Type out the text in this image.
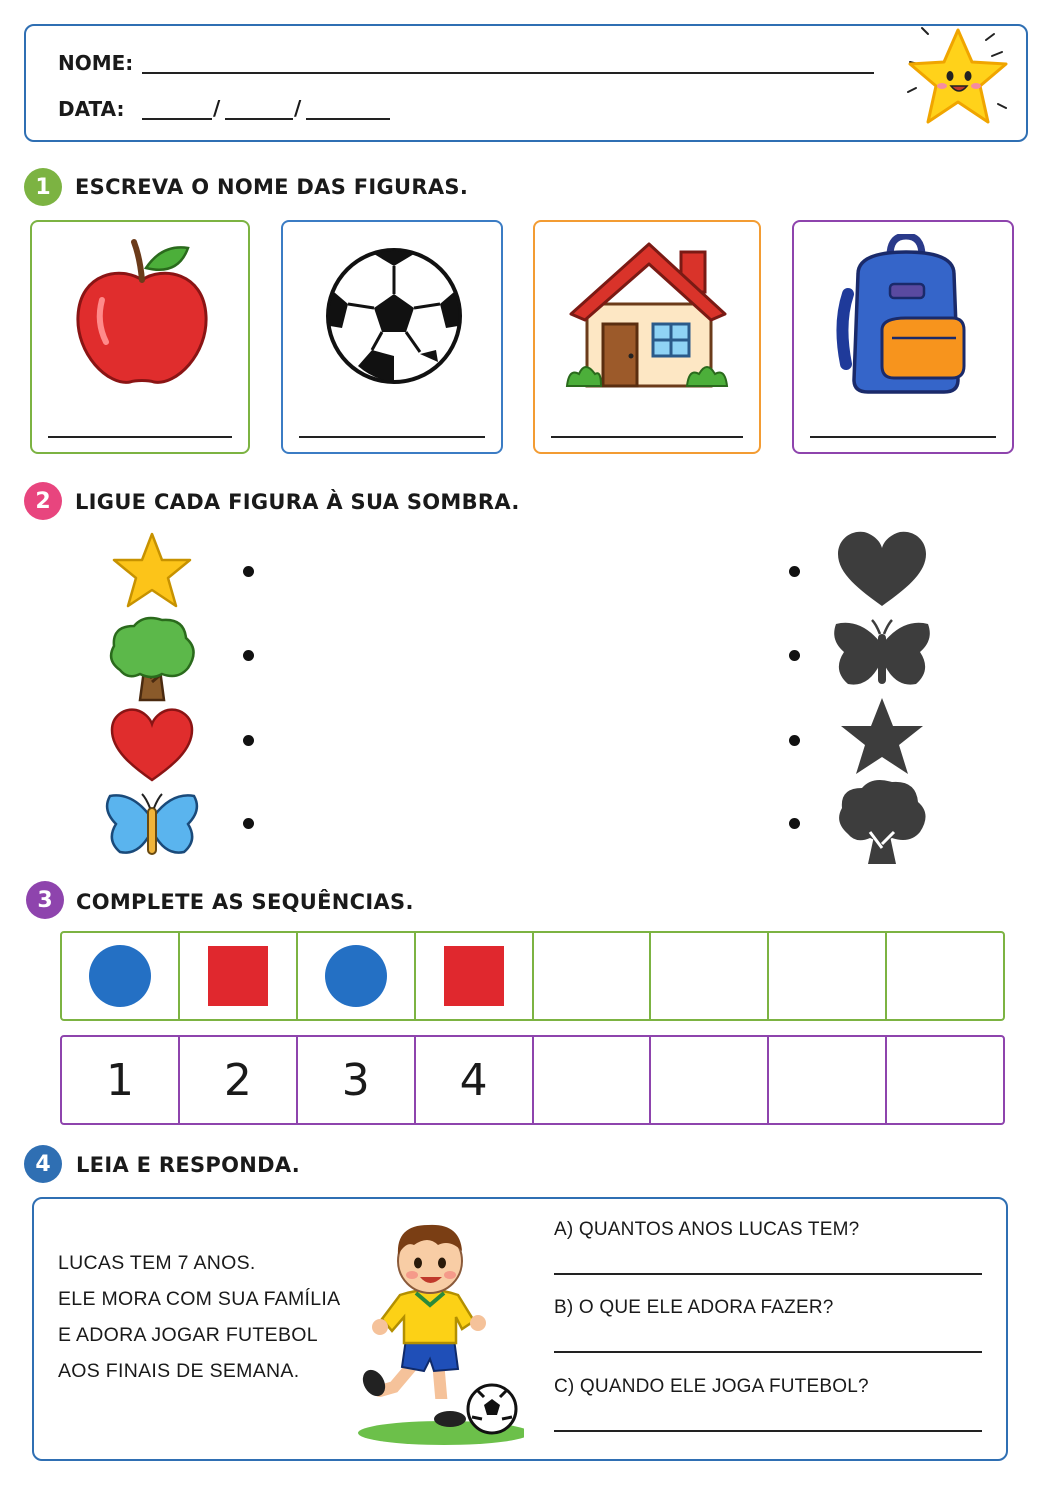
NOME:
DATA:	/	/
1	ESCREVA O NOME DAS FIGURAS.
2	LIGUE CADA FIGURA À SUA SOMBRA.
3	COMPLETE AS SEQUÊNCIAS.
1	2	3	4
4	LEIA E RESPONDA.
LUCAS TEM 7 ANOS.
ELE MORA COM SUA FAMÍLIA
E ADORA JOGAR FUTEBOL
AOS FINAIS DE SEMANA.
A) QUANTOS ANOS LUCAS TEM?
B) O QUE ELE ADORA FAZER?
C) QUANDO ELE JOGA FUTEBOL?
